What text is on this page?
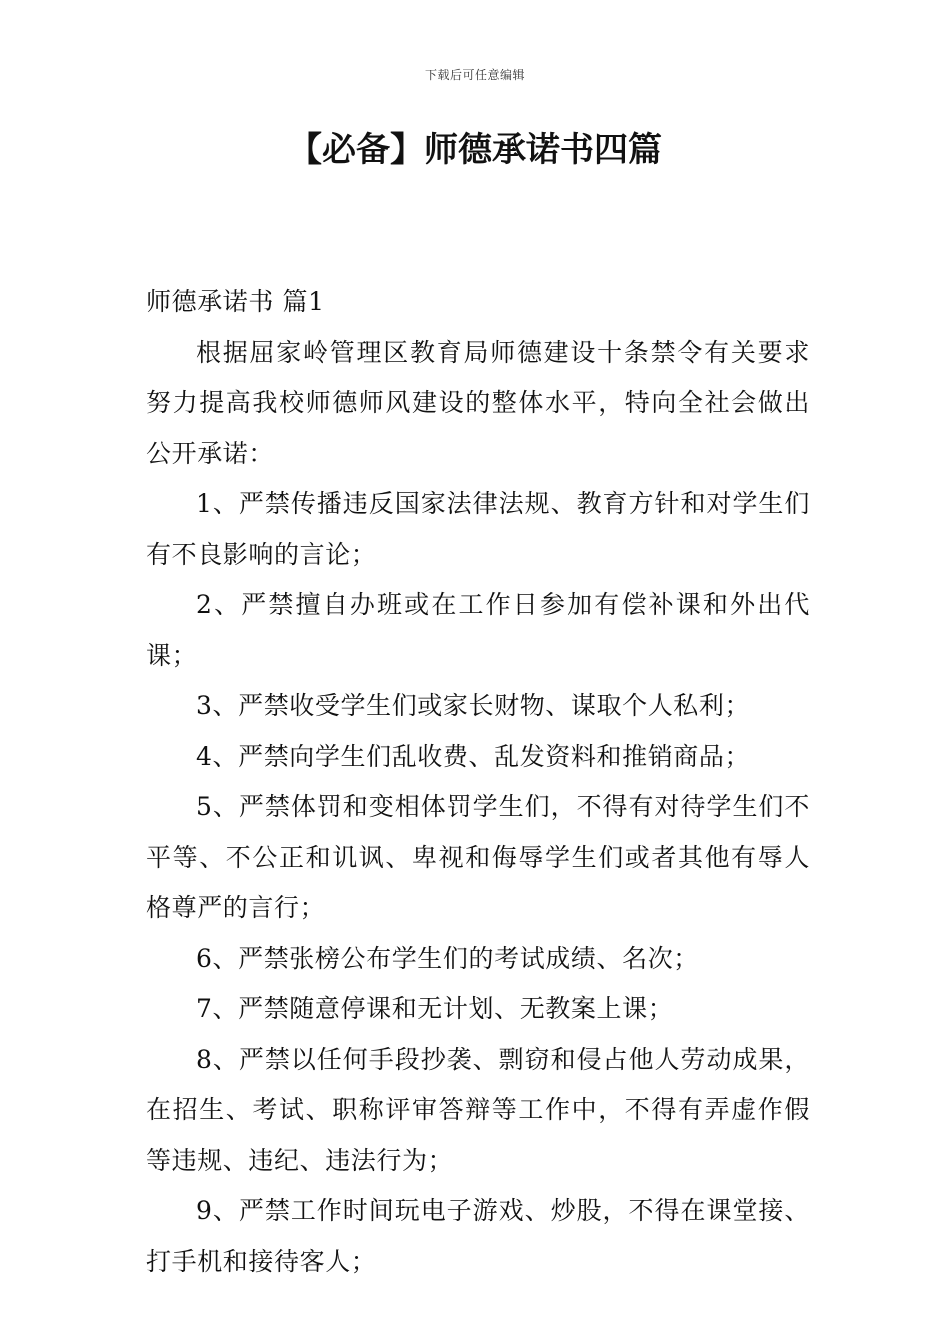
下载后可任意编辑
【必备】师德承诺书四篇

师德承诺书 篇1

根据屈家岭管理区教育局师德建设十条禁令有关要求努力提高我校师德师风建设的整体水平，特向全社会做出公开承诺：

1、严禁传播违反国家法律法规、教育方针和对学生们有不良影响的言论；

2、严禁擅自办班或在工作日参加有偿补课和外出代课；

3、严禁收受学生们或家长财物、谋取个人私利；

4、严禁向学生们乱收费、乱发资料和推销商品；

5、严禁体罚和变相体罚学生们，不得有对待学生们不平等、不公正和讥讽、卑视和侮辱学生们或者其他有辱人格尊严的言行；

6、严禁张榜公布学生们的考试成绩、名次；

7、严禁随意停课和无计划、无教案上课；

8、严禁以任何手段抄袭、剽窃和侵占他人劳动成果，在招生、考试、职称评审答辩等工作中，不得有弄虚作假等违规、违纪、违法行为；

9、严禁工作时间玩电子游戏、炒股，不得在课堂接、打手机和接待客人；
